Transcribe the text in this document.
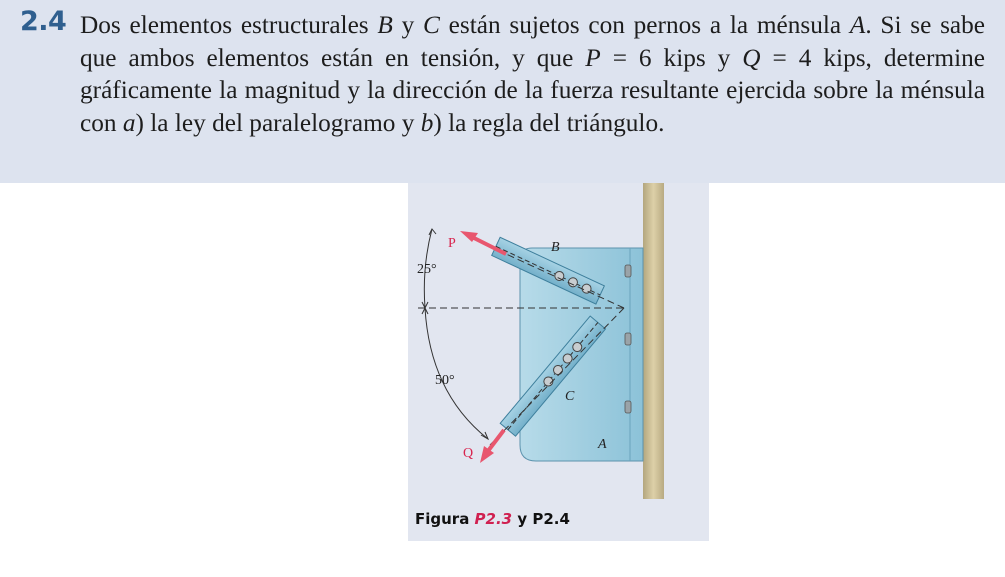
2.4 Dos elementos estructurales B y C están sujetos con pernos a la ménsula A. Si se sabe que ambos elementos están en tensión, y que P = 6 kips y Q = 4 kips, determine gráficamente la magnitud y la dirección de la fuerza resultante ejercida sobre la ménsula con a) la ley del paralelogramo y b) la regla del triángulo.
P
25°
B
50°
C
A
Q
Figura P2.3 y P2.4
